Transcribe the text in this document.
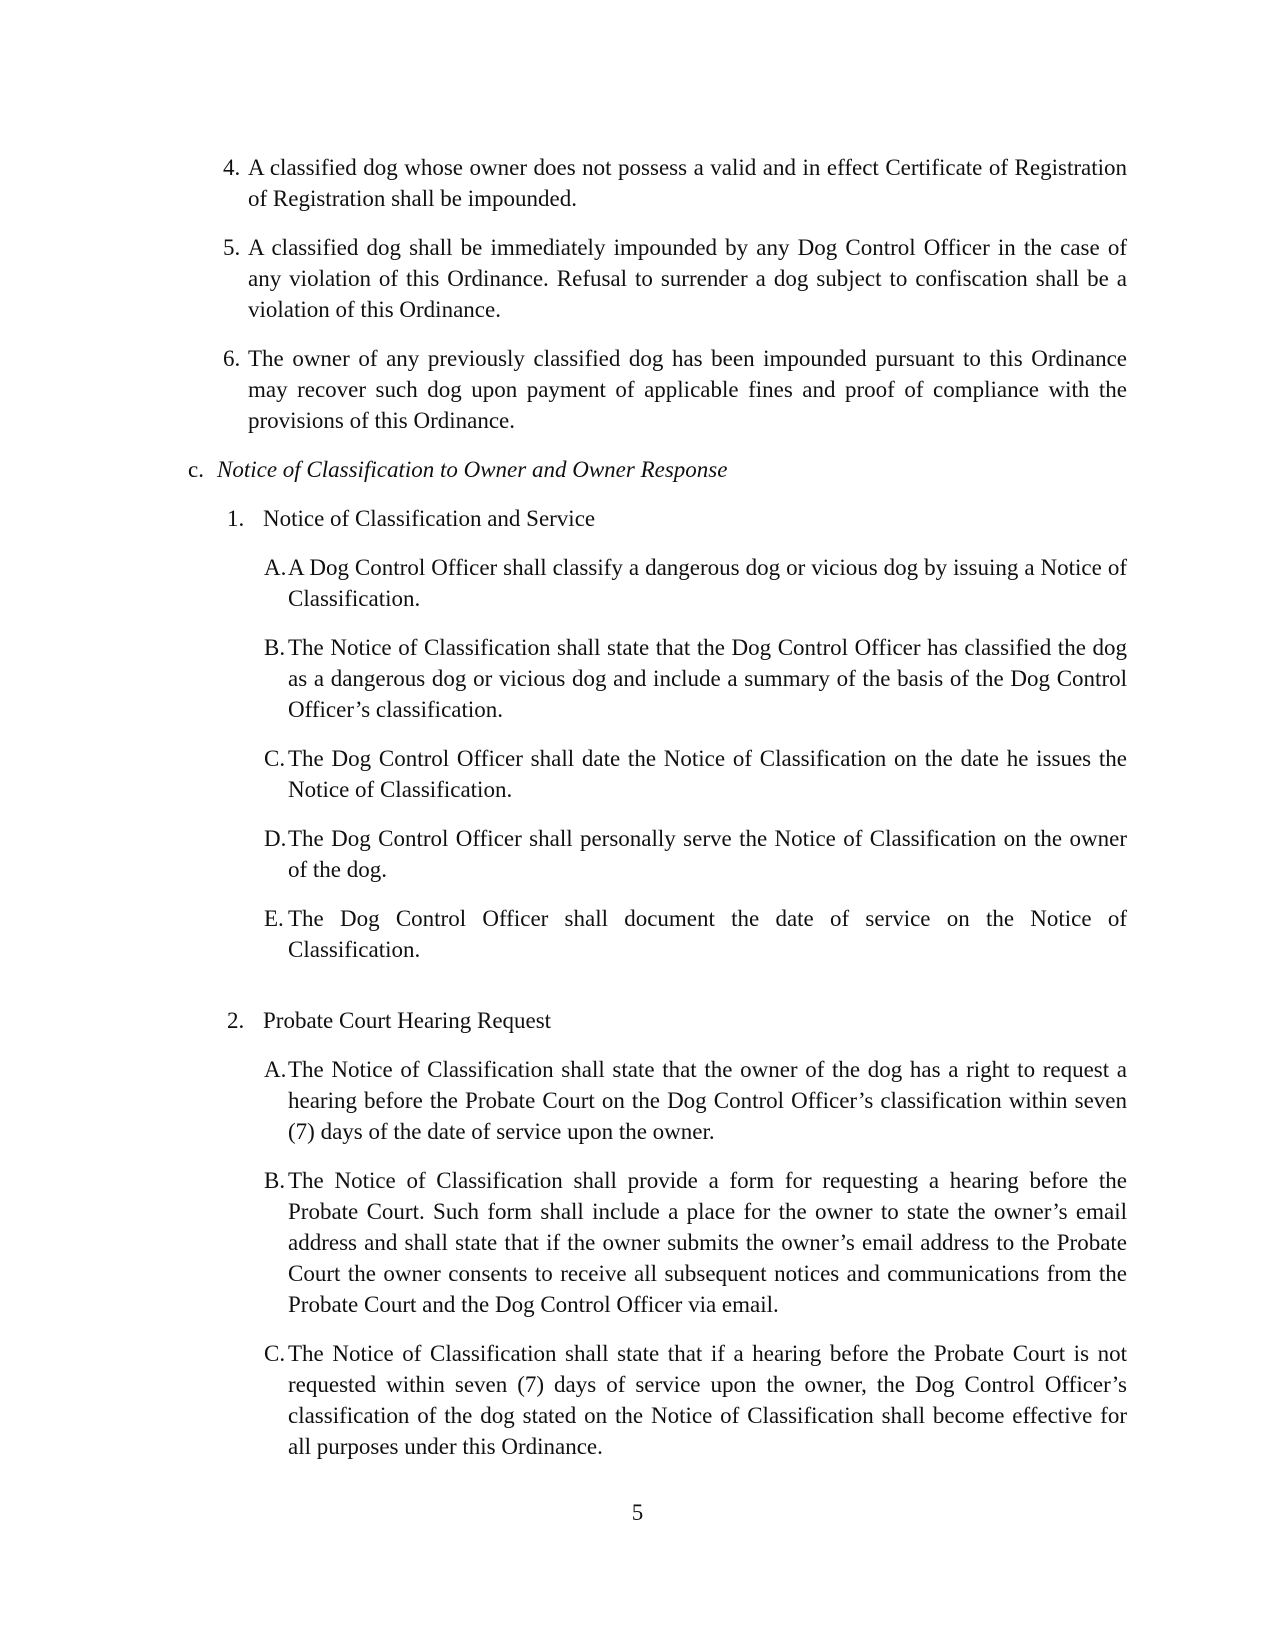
4. A classified dog whose owner does not possess a valid and in effect Certificate of Registration of Registration shall be impounded.

5. A classified dog shall be immediately impounded by any Dog Control Officer in the case of any violation of this Ordinance. Refusal to surrender a dog subject to confiscation shall be a violation of this Ordinance.

6. The owner of any previously classified dog has been impounded pursuant to this Ordinance may recover such dog upon payment of applicable fines and proof of compliance with the provisions of this Ordinance.

c. Notice of Classification to Owner and Owner Response

1. Notice of Classification and Service

A. A Dog Control Officer shall classify a dangerous dog or vicious dog by issuing a Notice of Classification.

B. The Notice of Classification shall state that the Dog Control Officer has classified the dog as a dangerous dog or vicious dog and include a summary of the basis of the Dog Control Officer’s classification.

C. The Dog Control Officer shall date the Notice of Classification on the date he issues the Notice of Classification.

D. The Dog Control Officer shall personally serve the Notice of Classification on the owner of the dog.

E. The Dog Control Officer shall document the date of service on the Notice of Classification.

2. Probate Court Hearing Request

A. The Notice of Classification shall state that the owner of the dog has a right to request a hearing before the Probate Court on the Dog Control Officer’s classification within seven (7) days of the date of service upon the owner.

B. The Notice of Classification shall provide a form for requesting a hearing before the Probate Court. Such form shall include a place for the owner to state the owner’s email address and shall state that if the owner submits the owner’s email address to the Probate Court the owner consents to receive all subsequent notices and communications from the Probate Court and the Dog Control Officer via email.

C. The Notice of Classification shall state that if a hearing before the Probate Court is not requested within seven (7) days of service upon the owner, the Dog Control Officer’s classification of the dog stated on the Notice of Classification shall become effective for all purposes under this Ordinance.

5
